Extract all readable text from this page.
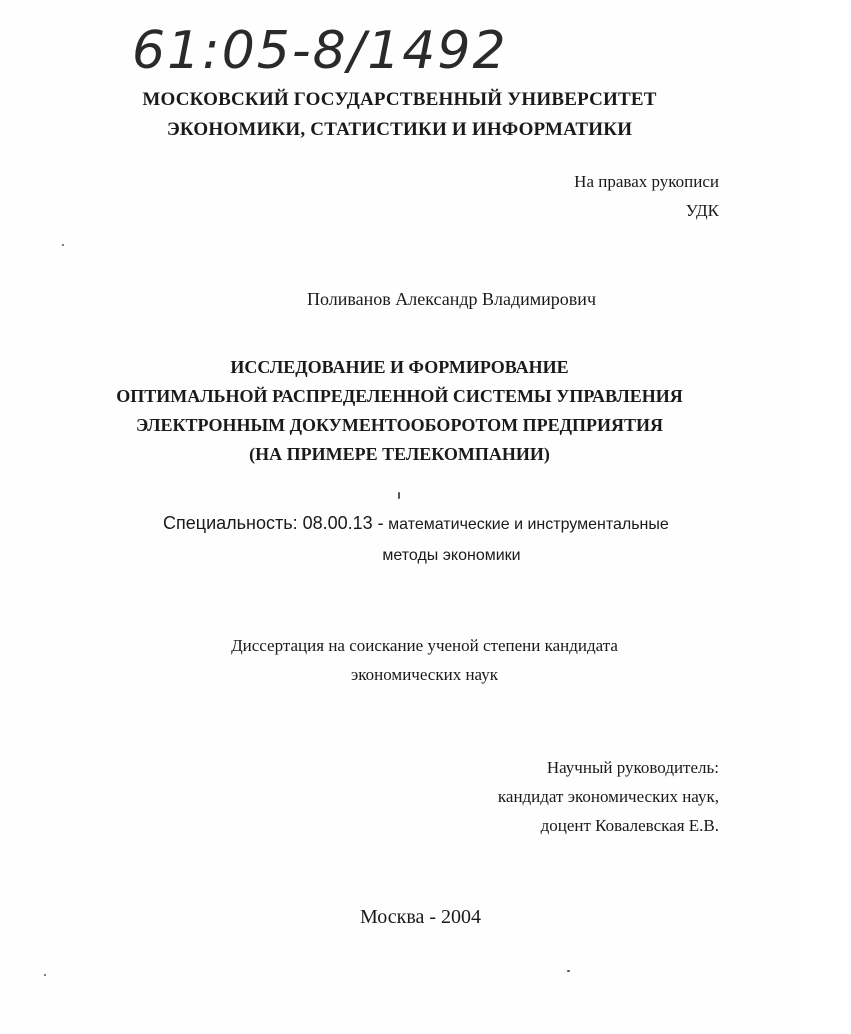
61:05-8/1492
МОСКОВСКИЙ ГОСУДАРСТВЕННЫЙ УНИВЕРСИТЕТ
ЭКОНОМИКИ, СТАТИСТИКИ И ИНФОРМАТИКИ
На правах рукописи
УДК
Поливанов Александр Владимирович
ИССЛЕДОВАНИЕ И ФОРМИРОВАНИЕ
ОПТИМАЛЬНОЙ РАСПРЕДЕЛЕННОЙ СИСТЕМЫ УПРАВЛЕНИЯ
ЭЛЕКТРОННЫМ ДОКУМЕНТООБОРОТОМ ПРЕДПРИЯТИЯ
(НА ПРИМЕРЕ ТЕЛЕКОМПАНИИ)
Специальность: 08.00.13 - математические и инструментальные
методы экономики
Диссертация на соискание ученой степени кандидата
экономических наук
Научный руководитель:
кандидат экономических наук,
доцент Ковалевская Е.В.
Москва - 2004
